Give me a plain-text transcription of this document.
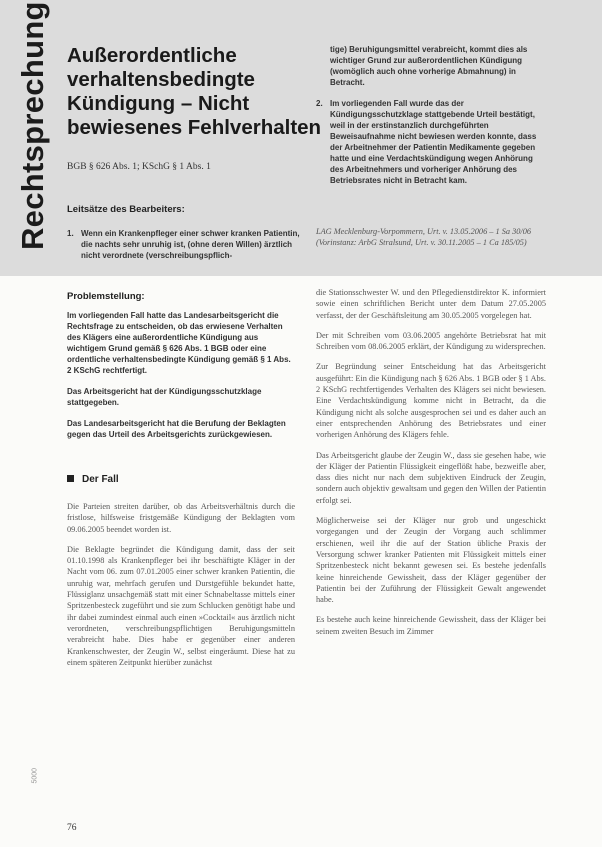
Rechtsprechung Außerordentliche
verhaltensbedingte
Kündigung – Nicht
bewiesenes Fehlverhalten
BGB § 626 Abs. 1; KSchG § 1 Abs. 1
Leitsätze des Bearbeiters:
1. Wenn ein Krankenpfleger einer schwer kranken Patientin, die nachts sehr unruhig ist, (ohne deren Willen) ärztlich nicht verordnete (verschreibungspflich-
tige) Beruhigungsmittel verabreicht, kommt dies als wichtiger Grund zur außerordentlichen Kündigung (womöglich auch ohne vorherige Abmahnung) in Betracht.
2. Im vorliegenden Fall wurde das der Kündigungsschutzklage stattgebende Urteil bestätigt, weil in der erstinstanzlich durchgeführten Beweisaufnahme nicht bewiesen werden konnte, dass der Arbeitnehmer der Patientin Medikamente gegeben hatte und eine Verdachtskündigung wegen Anhörung des Arbeitnehmers und vorheriger Anhörung des Betriebsrates nicht in Betracht kam.
LAG Mecklenburg-Vorpommern, Urt. v. 13.05.2006 – 1 Sa 30/06 (Vorinstanz: ArbG Stralsund, Urt. v. 30.11.2005 – 1 Ca 185/05)
Problemstellung:
Im vorliegenden Fall hatte das Landesarbeitsgericht die Rechtsfrage zu entscheiden, ob das erwiesene Verhalten des Klägers eine außerordentliche Kündigung aus wichtigem Grund gemäß § 626 Abs. 1 BGB oder eine ordentliche verhaltensbedingte Kündigung gemäß § 1 Abs. 2 KSchG rechtfertigt.
Das Arbeitsgericht hat der Kündigungsschutzklage stattgegeben.
Das Landesarbeitsgericht hat die Berufung der Beklagten gegen das Urteil des Arbeitsgerichts zurückgewiesen.
Der Fall
Die Parteien streiten darüber, ob das Arbeitsverhältnis durch die fristlose, hilfsweise fristgemäße Kündigung der Beklagten vom 09.06.2005 beendet worden ist.
Die Beklagte begründet die Kündigung damit, dass der seit 01.10.1998 als Krankenpfleger bei ihr beschäftigte Kläger in der Nacht vom 06. zum 07.01.2005 einer schwer kranken Patientin, die unruhig war, mehrfach gerufen und Durstgefühle bekundet hatte, Flüssiglanz unsachgemäß statt mit einer Schnabeltasse mittels einer Spritzenbesteck zugeführt und sie zum Schlucken genötigt habe und ihr dabei zumindest einmal auch einen »Cocktail« aus ärztlich nicht verordneten, verschreibungspflichtigen Beruhigungsmitteln verabreicht habe. Dies habe er gegenüber einer anderen Krankenschwester, der Zeugin W., selbst eingeräumt. Diese hat zu einem späteren Zeitpunkt hierüber zunächst
die Stationsschwester W. und den Pflegedienstdirektor K. informiert sowie einen schriftlichen Bericht unter dem Datum 27.05.2005 verfasst, der der Geschäftsleitung am 30.05.2005 vorgelegen hat.
Der mit Schreiben vom 03.06.2005 angehörte Betriebsrat hat mit Schreiben vom 08.06.2005 erklärt, der Kündigung zu widersprechen.
Zur Begründung seiner Entscheidung hat das Arbeitsgericht ausgeführt: Ein die Kündigung nach § 626 Abs. 1 BGB oder § 1 Abs. 2 KSchG rechtfertigendes Verhalten des Klägers sei nicht bewiesen. Eine Verdachtskündigung komme nicht in Betracht, da die Kündigung nicht als solche ausgesprochen sei und es daher auch an einer entsprechenden Anhörung des Betriebsrates und einer vorherigen Anhörung des Klägers fehle.
Das Arbeitsgericht glaube der Zeugin W., dass sie gesehen habe, wie der Kläger der Patientin Flüssigkeit eingeflößt habe, bezweifle aber, dass dies nicht nur nach dem subjektiven Eindruck der Zeugin, sondern auch objektiv gewaltsam und gegen den Willen der Patientin erfolgt sei.
Möglicherweise sei der Kläger nur grob und ungeschickt vorgegangen und der Zeugin der Vorgang auch schlimmer erschienen, weil ihr die auf der Station übliche Praxis der Versorgung schwer kranker Patienten mit Flüssigkeit mittels einer Spritzenbesteck nicht bekannt gewesen sei. Es bestehe jedenfalls keine hinreichende Gewissheit, dass der Kläger gegenüber der Patientin bei der Zuführung der Flüssigkeit Gewalt angewendet habe.
Es bestehe auch keine hinreichende Gewissheit, dass der Kläger bei seinem zweiten Besuch im Zimmer
5000
76
